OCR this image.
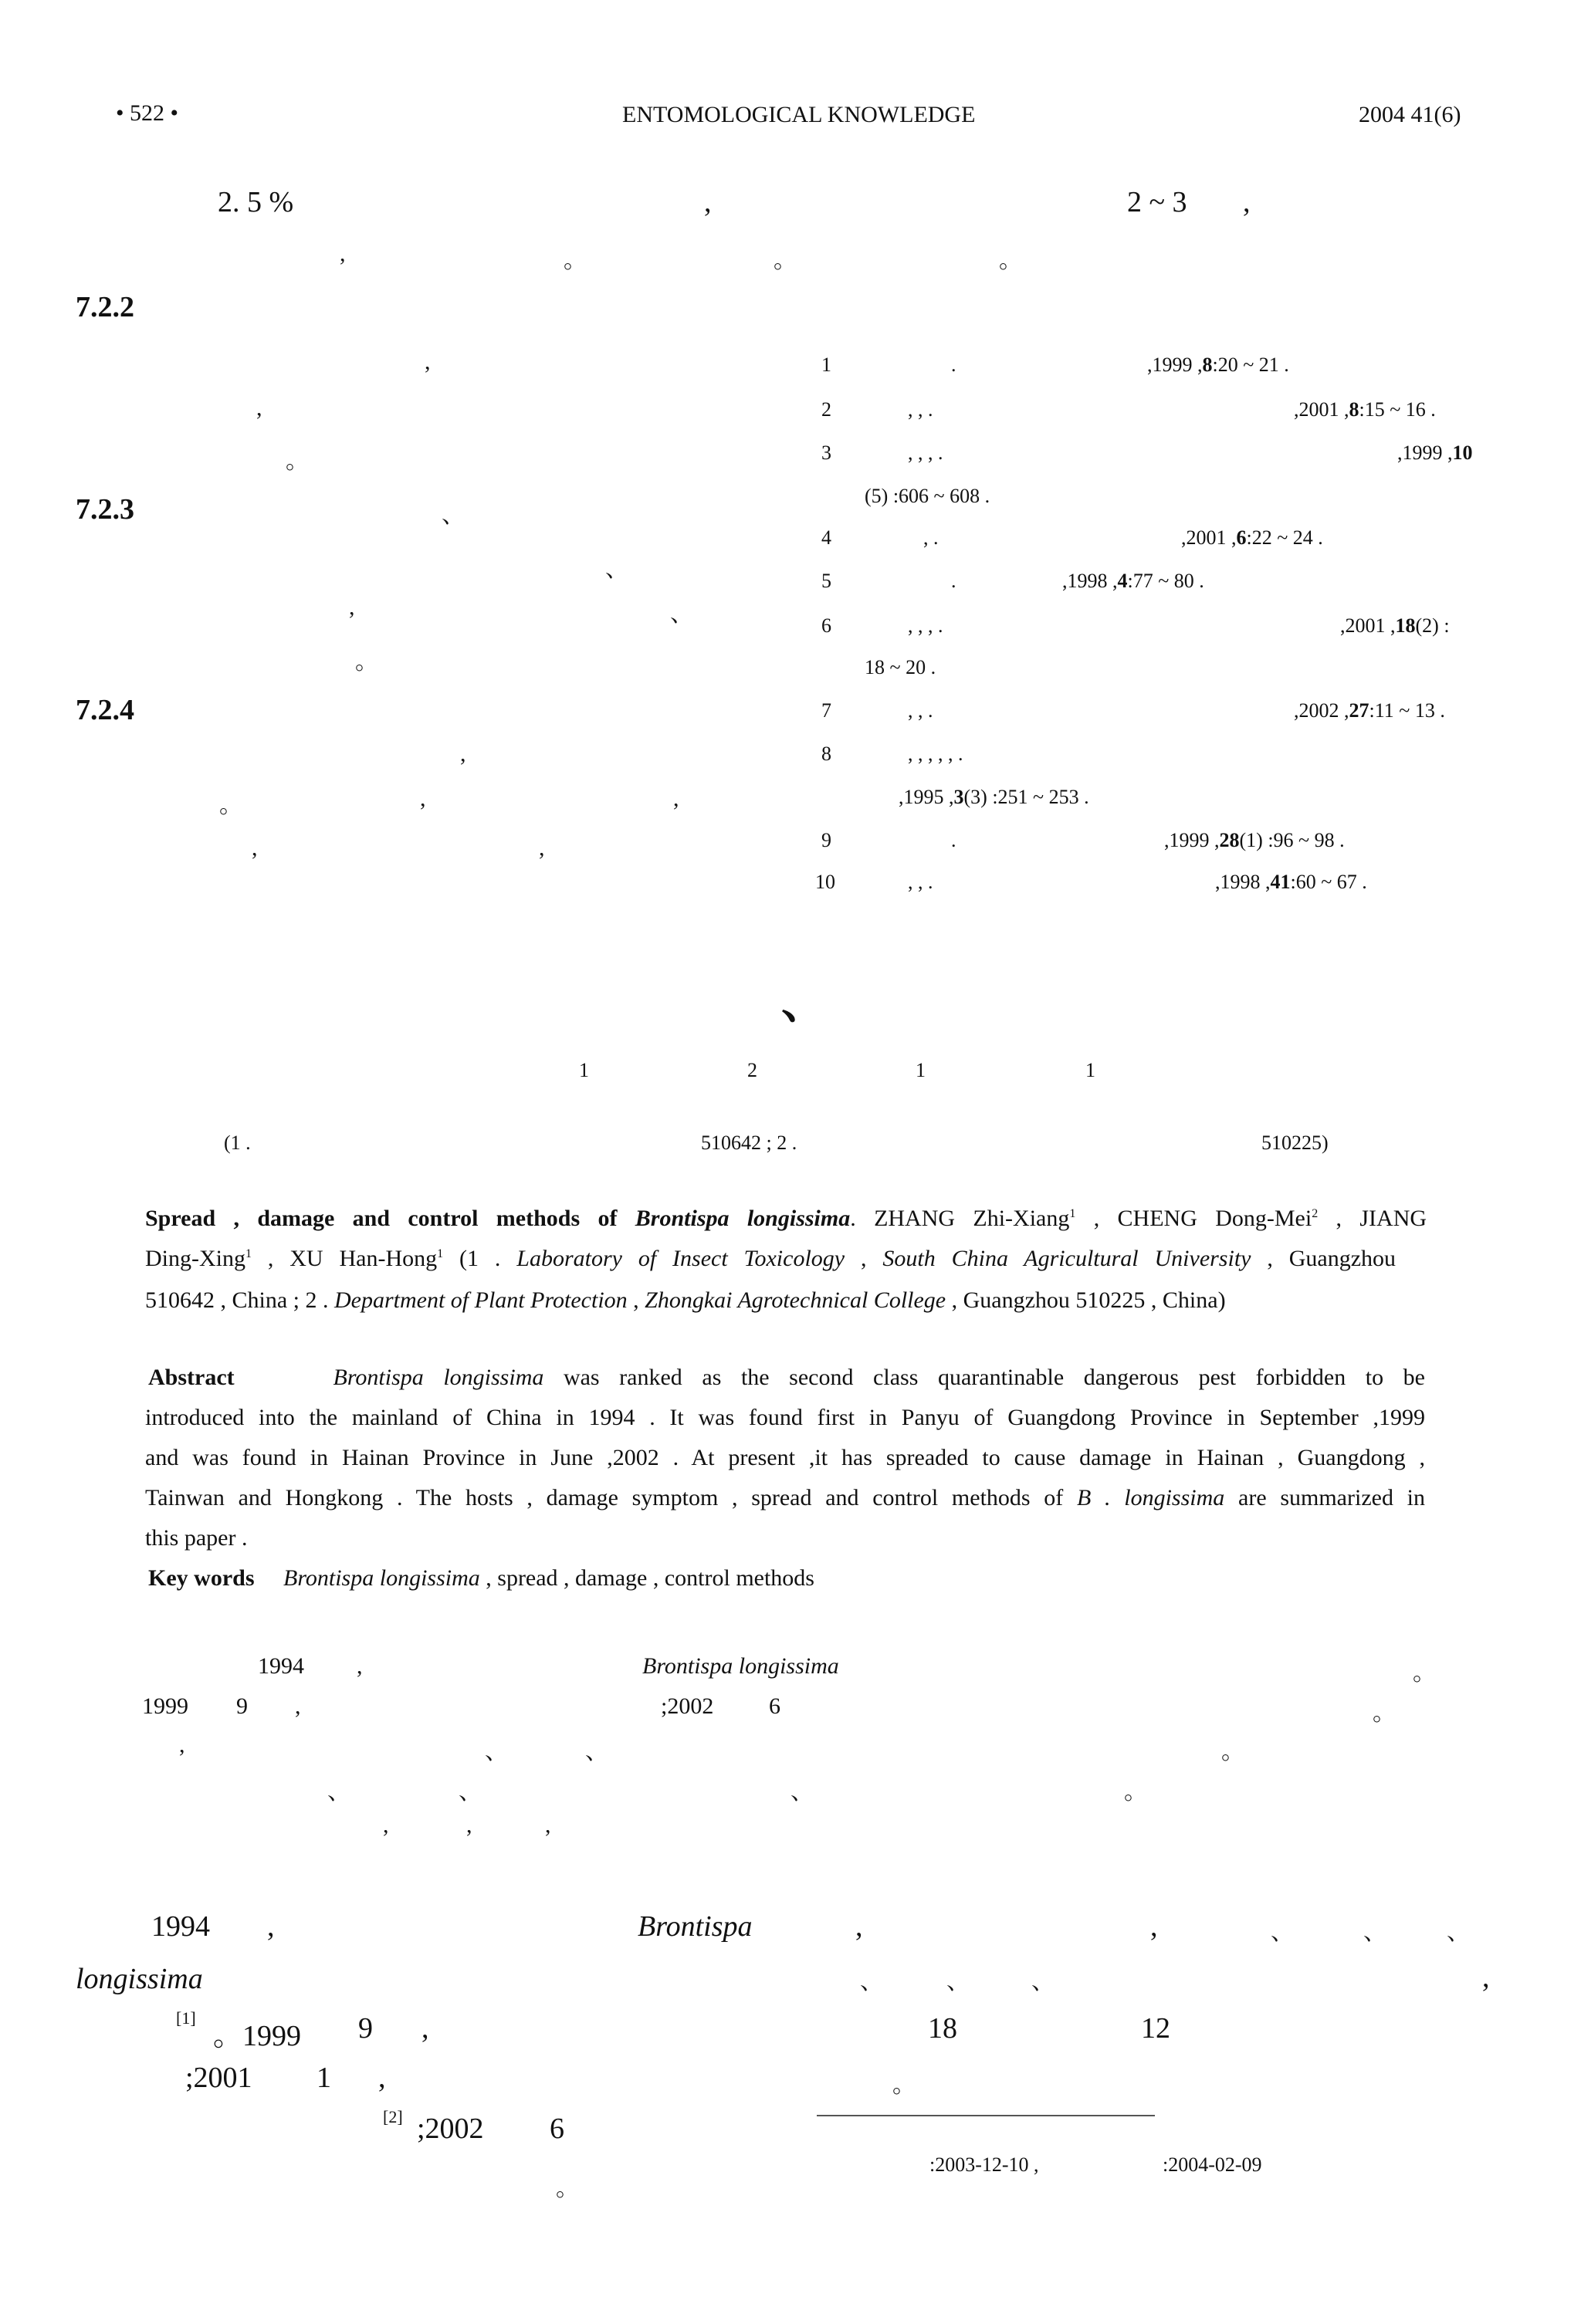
• 522 •	ENTOMOLOGICAL KNOWLEDGE	2004 41(6)
2. 5 %	,
,	。
7.2.2
,
,
。
7.2.3	、
、
,	、
。
7.2.4
,
。	,	,
,	,
2 ~ 3 ,
。	。
1	.	,1999 ,8:20 ~ 21 .
2	, , .	,2001 ,8:15 ~ 16 .
3	, , , .	,1999 ,10
(5) :606 ~ 608 .
4	, .	,2001 ,6:22 ~ 24 .
5	.	,1998 ,4:77 ~ 80 .
6	, , , .	,2001 ,18(2) :
18 ~ 20 .
7	, , .	,2002 ,27:11 ~ 13 .
8	, , , , , .
,1995 ,3(3) :251 ~ 253 .
9	.	,1999 ,28(1) :96 ~ 98 .
10	, , .	,1998 ,41:60 ~ 67 .
、
1	2	1	1
(1 .	510642 ; 2 .	510225)
Spread , damage and control methods of Brontispa longissima. ZHANG Zhi-Xiang$^1$ , CHENG Dong-Mei$^2$ , JIANG
Ding-Xing$^1$ , XU Han-Hong$^1$ (1 . Laboratory of Insect Toxicology , South China Agricultural University , Guangzhou
510642 , China ; 2 . Department of Plant Protection , Zhongkai Agrotechnical College , Guangzhou 510225 , China)
Abstract	Brontispa longissima was ranked as the second class quarantinable dangerous pest forbidden to be
introduced into the mainland of China in 1994 . It was found first in Panyu of Guangdong Province in September ,1999
and was found in Hainan Province in June ,2002 . At present ,it has spreaded to cause damage in Hainan , Guangdong ,
Tainwan and Hongkong . The hosts , damage symptom , spread and control methods of B . longissima are summarized in
this paper .
Key words Brontispa longissima , spread , damage , control methods
1994 ,	Brontispa longissima	。
1999 9 ,	;2002 6	。
,	、	、	。
、	、	、	。
,	,	,
1994 ,	Brontispa
longissima
[1]
。1999 9 ,
;2001 1 ,
[2] ;2002 6
。
,	,	、	、	、
、	、	、	,
18	12
。
:2003-12-10 ,	:2004-02-09
